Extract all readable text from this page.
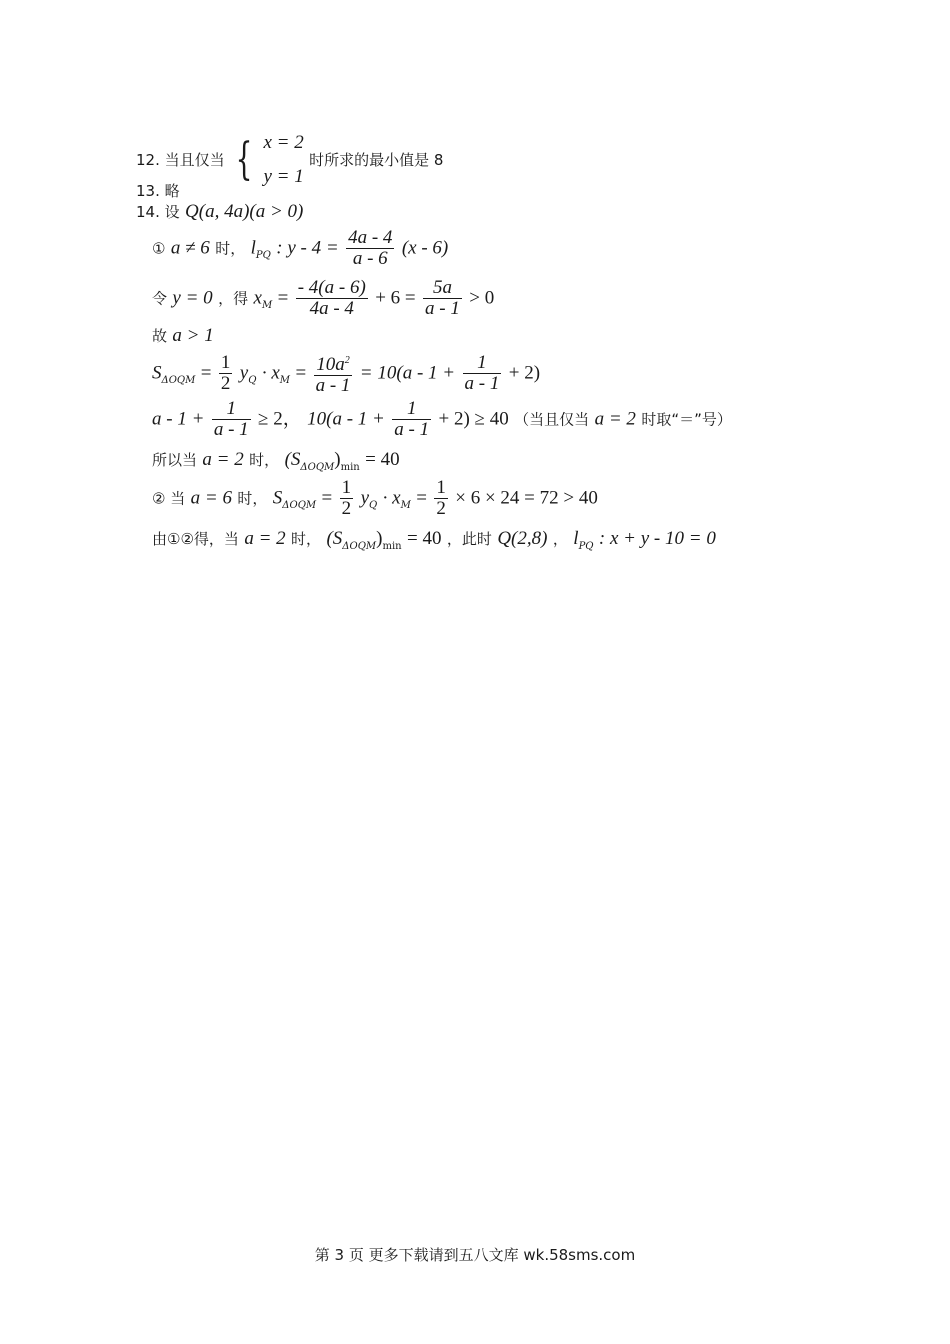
12. 当且仅当 { x = 2
y = 1
时所求的最小值是 8
13. 略
14. 设 Q(a, 4a)(a > 0)
① a ≠ 6 时， $l_{PQ}$ : $y - 4 = \frac{4a - 4}{a - 6} (x - 6)$
令 y = 0 ，得 $x_M = \frac{- 4(a - 6)}{4a - 4} + 6 = \frac{5a}{a - 1} > 0$
故 a > 1
$S_{\Delta OQM} = \frac{1}{2} y_Q \cdot x_M = \frac{10a^2}{a - 1} = 10(a - 1 + \frac{1}{a - 1} + 2)$
$a - 1 + \frac{1}{a - 1} \ge 2$， $10(a - 1 + \frac{1}{a - 1} + 2) \ge 40$ （当且仅当 a = 2 时取“＝”号）
所以当 a = 2 时， $(S_{\Delta OQM})_{min} = 40$
② 当 a = 6 时， $S_{\Delta OQM} = \frac{1}{2} y_Q \cdot x_M = \frac{1}{2} \times 6 \times 24 = 72 > 40$
由①②得，当 a = 2 时， $(S_{\Delta OQM})_{min} = 40$ ，此时 Q(2,8) ， $l_{PQ}$ : x + y - 10 = 0
第 3 页 更多下载请到五八文库 wk.58sms.com
